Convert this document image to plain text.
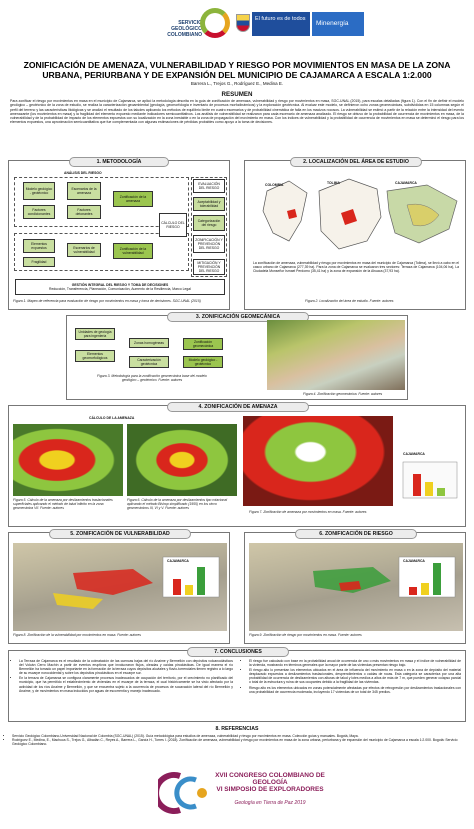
SERVICIO GEOLÓGICO COLOMBIANO
El futuro es de todos
Minenergía
ZONIFICACIÓN DE AMENAZA, VULNERABILIDAD Y RIESGO POR MOVIMIENTOS EN MASA DE LA ZONA URBANA, PERIURBANA Y DE EXPANSIÓN DEL MUNICIPIO DE CAJAMARCA A ESCALA 1:2.000
Barrera L., Trejos G., Rodríguez E., Medina E.
RESUMEN
Para zonificar el riesgo por movimientos en masa en el municipio de Cajamarca, se aplicó la metodología descrita en la guía de zonificación de amenaza, vulnerabilidad y riesgo por movimientos en masa, SGC-UNAL (2015), para escalas detalladas (figura 1). Con el fin de definir el modelo geológico – geotécnico de la zona de estudio, se realiza la caracterización geoambiental (geología, geomorfología e inventario de procesos morfodinámicos) y la exploración geotécnica. Al evaluar este modelo, se definieron ocho zonas geomecánicas, subdivididas en 15 columnas según el perfil del terreno y las características litológicas y se analizó el resultado de los taludes aplicando los métodos de equilibrio límite en cuatro escenarios y de probabilidad cinemática de falla en los macizos rocosos. La vulnerabilidad se estimó a partir de la relación entre la intensidad del evento amenazante (los movimientos en masa) y la fragilidad del elemento expuesto mediante indicadores semicuantitativos. Los análisis de vulnerabilidad se realizaron para cada escenario de amenaza analizado. El riesgo se obtuvo de la probabilidad de ocurrencia de movimientos en masa, de la vulnerabilidad y de la probabilidad de impacto de los elementos expuestos con su localización en la zona inestable o en la zona de propagación del movimiento en masa. Con los índices de vulnerabilidad y la probabilidad de ocurrencia de movimientos en masa se determinó el riesgo para los elementos expuestos, una aproximación semicuantitativa que fue complementada con algunas estimaciones de pérdidas probables como apoyo a la toma de decisiones.
1. METODOLOGÍA
ANÁLISIS DEL RIESGO
Modelo geológico - geotécnico
Escenarios de la amenaza
Factores condicionantes
Factores detonantes
Zonificación de la amenaza
Elementos expuestos	Escenarios de vulnerabilidad
Fragilidad
Zonificación de la vulnerabilidad
CÁLCULO DEL RIESGO
EVALUACIÓN DEL RIESGO
Aceptabilidad y tolerabilidad
Categorización del riesgo
ZONIFICACIÓN Y PREVENCIÓN DEL RIESGO
MITIGACIÓN Y PREVENCIÓN DEL RIESGO
GESTIÓN INTEGRAL DEL RIESGO Y TOMA DE DECISIONES
Reducción, Transferencia, Planeación, Comunicación, Aumento de la Resiliencia, Marco Legal
Figura 1. Mapeo de referencia para evaluación de riesgo por movimientos en masa y toma de decisiones. SGC-UNAL (2015)
2. LOCALIZACIÓN DEL ÁREA DE ESTUDIO
COLOMBIA	TOLIMA	CAJAMARCA
La zonificación de amenaza, vulnerabilidad y riesgo por movimientos en masa del municipio de Cajamarca (Tolima), se llevó a cabo en el casco urbano de Cajamarca (277,39 ha). Para la zona de Cajamarca se evaluaron tres sectores: Terraza de Cajamarca (104,06 ha), La Ciudadela Monseñor Ismael Perdomo (35,41 ha) y la zona de expansión de la Ahuaca (37,93 ha).
Figura 2. Localización del área de estudio. Fuente: autores
3. ZONIFICACIÓN GEOMECÁNICA
Unidades de geología para ingeniería
Elementos geomorfológicos
Zonas homogéneas
Caracterización geotécnica
Zonificación geomecánica
Modelo geológico - geotécnico
Figura 3. Metodología para la zonificación geomecánica base del modelo geológico – geotécnico. Fuente: autores
Figura 4. Zonificación geomecánica. Fuente: autores
4. ZONIFICACIÓN DE AMENAZA
CÁLCULO DE LA AMENAZA
CAJAMARCA
Figura 5. Cálculo de la amenaza por deslizamientos traslacionales superficiales aplicando el método de talud infinito en la zona geomecánica VII. Fuente: autores
Figura 6. Cálculo de la amenaza por deslizamientos tipo rotacional aplicando el método Bishop simplificado (1955) en los cinco geomecánicos III, VI y V. Fuente: autores
Figura 7. Zonificación de amenaza por movimientos en masa. Fuente: autores
5. ZONIFICACIÓN DE VULNERABILIDAD
CAJAMARCA
Figura 8. Zonificación de la vulnerabilidad por movimientos en masa. Fuente: autores
6. ZONIFICACIÓN DE RIESGO
CAJAMARCA
Figura 9. Zonificación de riesgo por movimientos en masa. Fuente: autores
7. CONCLUSIONES
• La Terraza de Cajamarca es el resultado de la colmatación de las cuencas bajas del río Anaime y Bermellón con depósitos volcanoclásticos del Volcán Cerro Machín a partir de eventos eruptivos que involucraron flujos, oleadas y caídas piroclásticas. De igual manera el río Bermellón ha tomado un papel importante en la formación de la terraza cuyos depósitos aluviales y fluvio-torrenciales tienen registro a lo largo de su escarpe noroccidental y sobre los depósitos piroclásticos en el escarpe sur.
• En la terraza de Cajamarca se configura claramente procesos inadecuados de ocupación del territorio, por el crecimiento no planificado del municipio, que ha permitido el establecimiento de viviendas en el escarpe de la terraza, el cual históricamente se ha visto afectado por la actividad de los ríos Anaime y Bermellón, y que se encuentra sujeto a la ocurrencia de procesos de socavación lateral del río Bermellón y Anaime, y de movimientos en masa inducidos por aguas de escorrentía y manejo inadecuado.
• El riesgo fue calculado con base en la probabilidad anual de ocurrencia de uno o más movimientos en masa y el índice de vulnerabilidad de la vivienda, mostrando en términos generales que la mayor parte de las viviendas presentan riesgo bajo.
• El riesgo alto lo presentan los elementos ubicados en el área de influencia del movimiento en masa o en la zona de depósito del material desplazado expuestos a deslizamientos traslacionales, desprendimientos o caídas de rocas. Esta categoría se caracteriza por una alta probabilidad de ocurrencia de deslizamientos con alturas de talud y lotes medios a altos de más de 7 m, que pueden generar colapso parcial o total de la estructura y ruina de sus ocupantes debido a la fragilidad de las viviendas.
• Riesgo alto es los elementos ubicados en zonas potencialmente afectadas por efectos de retrogresión por deslizamientos traslacionales con una probabilidad de ocurrencia moderada, incluyendo 17 viviendas de un total de 345 predios.
8. REFERENCIAS
• Servicio Geológico Colombiano-Universidad Nacional de Colombia (SGC-UNAL) (2015). Guía metodológica para estudios de amenaza, vulnerabilidad y riesgo por movimientos en masa. Colección guías y manuales. Bogotá, Maya.
• Rodríguez E., Medina, E., Machuca S., Trejos G., Albadán C., Reyes A., Barrera L., García H., Torres I. (2018). Zonificación de amenaza, vulnerabilidad y riesgo por movimientos en masa de la zona urbana, periurbana y de expansión del municipio de Cajamarca a escala 1:2.000. Bogotá: Servicio Geológico Colombiano.
XVII CONGRESO COLOMBIANO DE GEOLOGÍA
VI SIMPOSIO DE EXPLORADORES
Geología en Tierra de Paz 2019
